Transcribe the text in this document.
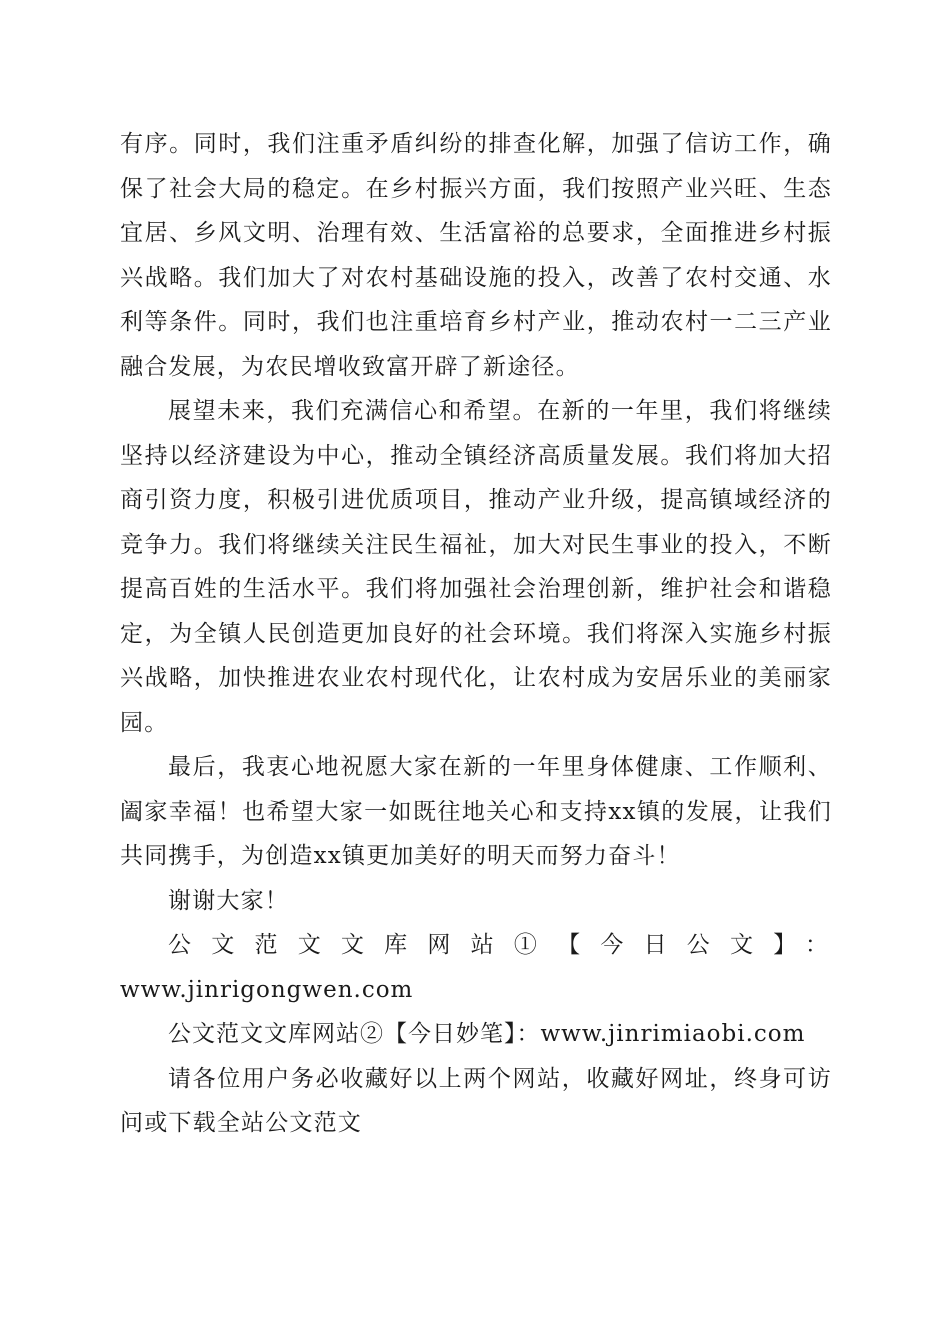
有序。同时，我们注重矛盾纠纷的排查化解，加强了信访工作，确保了社会大局的稳定。在乡村振兴方面，我们按照产业兴旺、生态宜居、乡风文明、治理有效、生活富裕的总要求，全面推进乡村振兴战略。我们加大了对农村基础设施的投入，改善了农村交通、水利等条件。同时，我们也注重培育乡村产业，推动农村一二三产业融合发展，为农民增收致富开辟了新途径。

展望未来，我们充满信心和希望。在新的一年里，我们将继续坚持以经济建设为中心，推动全镇经济高质量发展。我们将加大招商引资力度，积极引进优质项目，推动产业升级，提高镇域经济的竞争力。我们将继续关注民生福祉，加大对民生事业的投入，不断提高百姓的生活水平。我们将加强社会治理创新，维护社会和谐稳定，为全镇人民创造更加良好的社会环境。我们将深入实施乡村振兴战略，加快推进农业农村现代化，让农村成为安居乐业的美丽家园。

最后，我衷心地祝愿大家在新的一年里身体健康、工作顺利、阖家幸福！也希望大家一如既往地关心和支持xx镇的发展，让我们共同携手，为创造xx镇更加美好的明天而努力奋斗！

谢谢大家！

公文范文文库网站①【今日公文】：

www.jinrigongwen.com

公文范文文库网站②【今日妙笔】：www.jinrimiaobi.com

请各位用户务必收藏好以上两个网站，收藏好网址，终身可访问或下载全站公文范文
